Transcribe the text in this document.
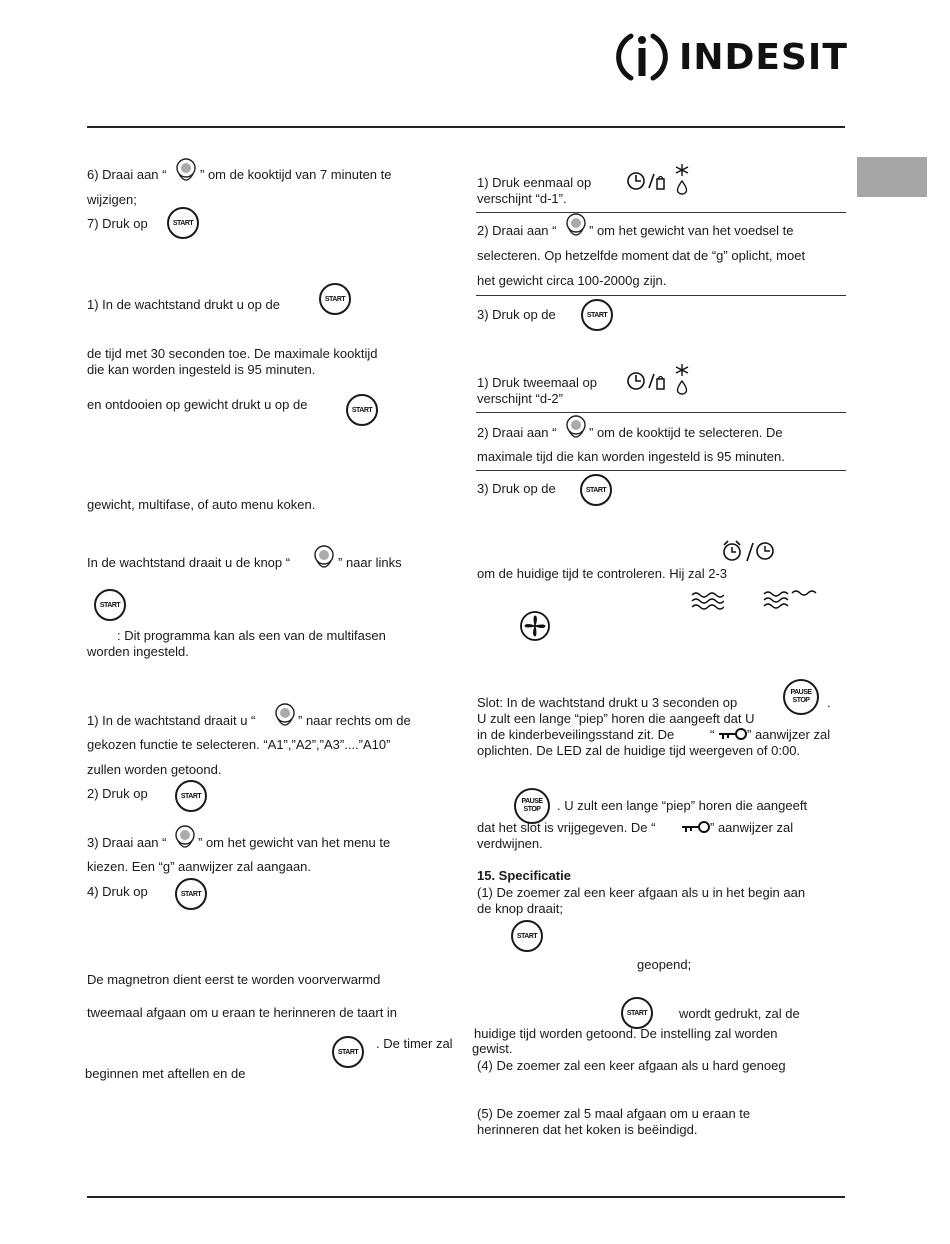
INDESIT
6) Draai aan “	” om de kooktijd van 7 minuten te
wijzigen;
7) Druk op	START
1) In de wachtstand drukt u op de	START
de tijd met 30 seconden toe. De maximale kooktijd
die kan worden ingesteld is 95 minuten.
en ontdooien op gewicht drukt u op de	START
gewicht, multifase, of auto menu koken.
In de wachtstand draait u de knop “	” naar links
START
: Dit programma kan als een van de multifasen
worden ingesteld.
1) In de wachtstand draait u “	” naar rechts om de
gekozen functie te selecteren. “A1”,”A2”,”A3”....”A10”
zullen worden getoond.
2) Druk op	START
3) Draai aan “ ” om het gewicht van het menu te
kiezen. Een “g” aanwijzer zal aangaan.
4) Druk op	START
De magnetron dient eerst te worden voorverwarmd
tweemaal afgaan om u eraan te herinneren de taart in
START
. De timer zal
beginnen met aftellen en de
1) Druk eenmaal op
verschijnt “d-1”.
2) Draai aan “	” om het gewicht van het voedsel te
selecteren. Op hetzelfde moment dat de “g” oplicht, moet
het gewicht circa 100-2000g zijn.
3) Druk op de	START
1) Druk tweemaal op
verschijnt “d-2”
2) Draai aan “	” om de kooktijd te selecteren. De
maximale tijd die kan worden ingesteld is 95 minuten.
3) Druk op de	START
om de huidige tijd te controleren. Hij zal 2-3
Slot: In de wachtstand drukt u 3 seconden op
PAUSE
STOP .
U zult een lange “piep” horen die aangeeft dat U
in de kinderbeveilingsstand zit. De	“	” aanwijzer zal
oplichten. De LED zal de huidige tijd weergeven of 0:00.
PAUSE
STOP . U zult een lange “piep” horen die aangeeft
dat het slot is vrijgegeven. De “	” aanwijzer zal
verdwijnen.
15. Specificatie
(1) De zoemer zal een keer afgaan als u in het begin aan
de knop draait;
START
geopend;
START wordt gedrukt, zal de
huidige tijd worden getoond. De instelling zal worden
gewist.
(4) De zoemer zal een keer afgaan als u hard genoeg
(5) De zoemer zal 5 maal afgaan om u eraan te
herinneren dat het koken is beëindigd.
